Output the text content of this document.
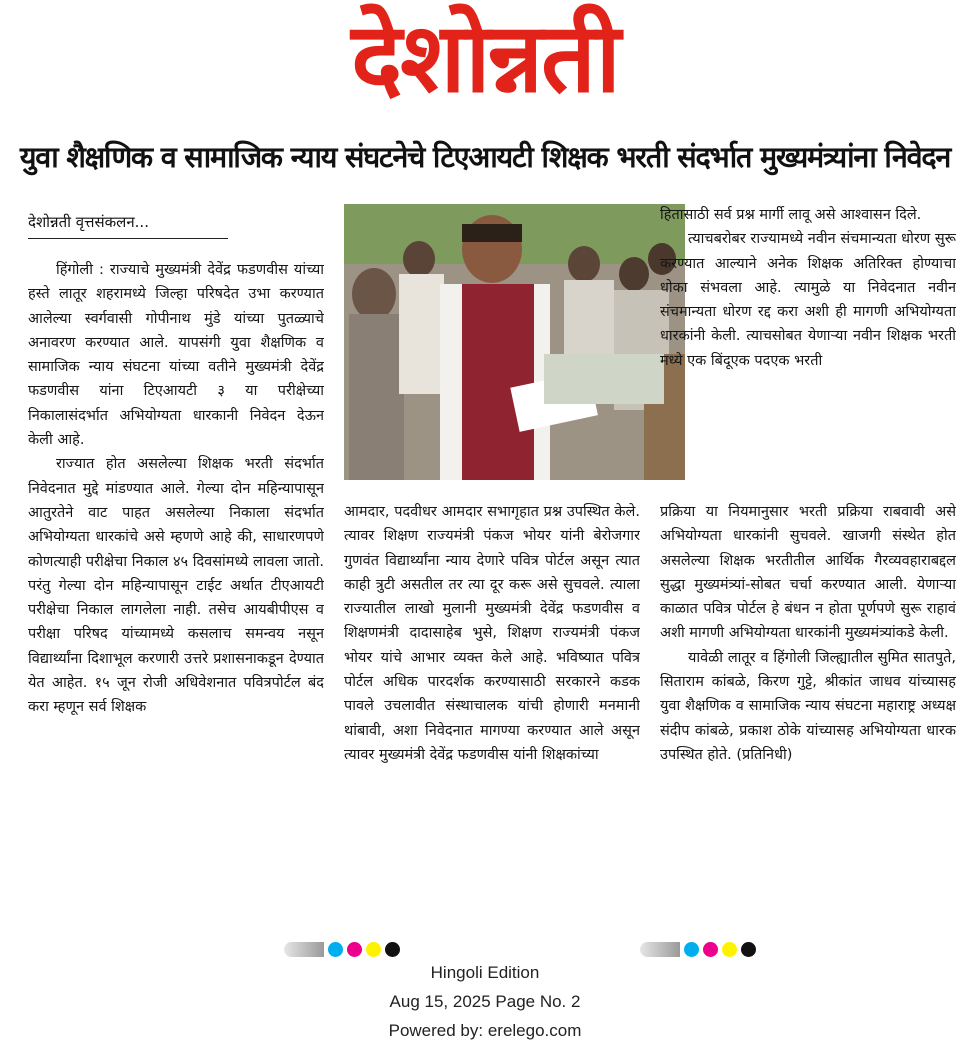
देशोन्नती
युवा शैक्षणिक व सामाजिक न्याय संघटनेचे टिएआयटी शिक्षक भरती संदर्भात मुख्यमंत्र्यांना निवेदन
देशोन्नती वृत्तसंकलन...

हिंगोली : राज्याचे मुख्यमंत्री देवेंद्र फडणवीस यांच्या हस्ते लातूर शहरामध्ये जिल्हा परिषदेत उभा करण्यात आलेल्या स्वर्गवासी गोपीनाथ मुंडे यांच्या पुतळ्याचे अनावरण करण्यात आले. यापसंगी युवा शैक्षणिक व सामाजिक न्याय संघटना यांच्या वतीने मुख्यमंत्री देवेंद्र फडणवीस यांना टिएआयटी ३ या परीक्षेच्या निकालासंदर्भात अभियोग्यता धारकानी निवेदन देऊन केली आहे.

राज्यात होत असलेल्या शिक्षक भरती संदर्भात निवेदनात मुद्दे मांडण्यात आले. गेल्या दोन महिन्यापासून आतुरतेने वाट पाहत असलेल्या निकाला संदर्भात अभियोग्यता धारकांचे असे म्हणणे आहे की, साधारणपणे कोणत्याही परीक्षेचा निकाल ४५ दिवसांमध्ये लावला जातो. परंतु गेल्या दोन महिन्यापासून टाईट अर्थात टीएआयटी परीक्षेचा निकाल लागलेला नाही. तसेच आयबीपीएस व परीक्षा परिषद यांच्यामध्ये कसलाच समन्वय नसून विद्यार्थ्यांना दिशाभूल करणारी उत्तरे प्रशासनाकडून देण्यात येत आहेत. १५ जून रोजी अधिवेशनात पवित्रपोर्टल बंद करा म्हणून सर्व शिक्षक

हितासाठी सर्व प्रश्न मार्गी लावू असे आश्वासन दिले.

त्याचबरोबर राज्यामध्ये नवीन संचमान्यता धोरण सुरू करण्यात आल्याने अनेक शिक्षक अतिरिक्त होण्याचा धोका संभवला आहे. त्यामुळे या निवेदनात नवीन संचमान्यता धोरण रद्द करा अशी ही मागणी अभियोग्यता धारकांनी केली. त्याचसोबत येणाऱ्या नवीन शिक्षक भरती मध्ये एक बिंदूएक पदएक भरती

आमदार, पदवीधर आमदार सभागृहात प्रश्न उपस्थित केले. त्यावर शिक्षण राज्यमंत्री पंकज भोयर यांनी बेरोजगार गुणवंत विद्यार्थ्यांना न्याय देणारे पवित्र पोर्टल असून त्यात काही त्रुटी असतील तर त्या दूर करू असे सुचवले. त्याला राज्यातील लाखो मुलानी मुख्यमंत्री देवेंद्र फडणवीस व शिक्षणमंत्री दादासाहेब भुसे, शिक्षण राज्यमंत्री पंकज भोयर यांचे आभार व्यक्त केले आहे. भविष्यात पवित्र पोर्टल अधिक पारदर्शक करण्यासाठी सरकारने कडक पावले उचलावीत संस्थाचालक यांची होणारी मनमानी थांबावी, अशा निवेदनात मागण्या करण्यात आले असून त्यावर मुख्यमंत्री देवेंद्र फडणवीस यांनी शिक्षकांच्या

प्रक्रिया या नियमानुसार भरती प्रक्रिया राबवावी असे अभियोग्यता धारकांनी सुचवले. खाजगी संस्थेत होत असलेल्या शिक्षक भरतीतील आर्थिक गैरव्यवहाराबद्दल सुद्धा मुख्यमंत्र्यां-सोबत चर्चा करण्यात आली. येणाऱ्या काळात पवित्र पोर्टल हे बंधन न होता पूर्णपणे सुरू राहावं अशी मागणी अभियोग्यता धारकांनी मुख्यमंत्र्यांकडे केली.

यावेळी लातूर व हिंगोली जिल्ह्यातील सुमित सातपुते, सिताराम कांबळे, किरण गुट्टे, श्रीकांत जाधव यांच्यासह युवा शैक्षणिक व सामाजिक न्याय संघटना महाराष्ट्र अध्यक्ष संदीप कांबळे, प्रकाश ठोके यांच्यासह अभियोग्यता धारक उपस्थित होते. (प्रतिनिधी)

Hingoli Edition
Aug 15, 2025 Page No. 2
Powered by: erelego.com
